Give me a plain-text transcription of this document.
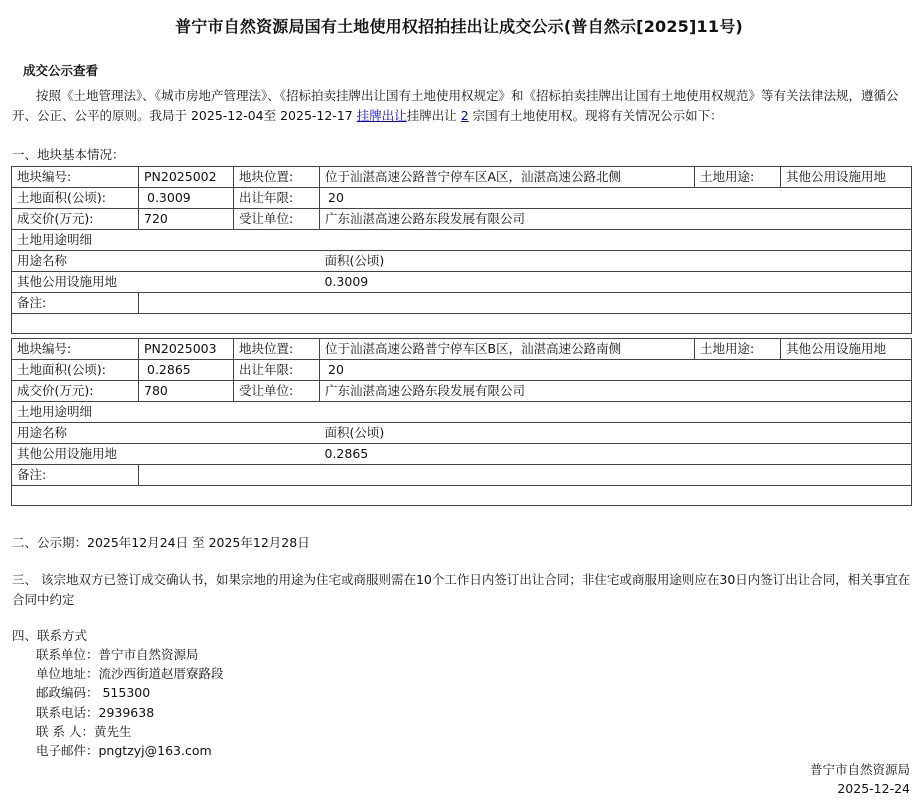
普宁市自然资源局国有土地使用权招拍挂出让成交公示(普自然示[2025]11号)
成交公示查看
按照《土地管理法》、《城市房地产管理法》、《招标拍卖挂牌出让国有土地使用权规定》和《招标拍卖挂牌出让国有土地使用权规范》等有关法律法规，遵循公开、公正、公平的原则。我局于 2025-12-04至 2025-12-17 挂牌出让挂牌出让 2 宗国有土地使用权。现将有关情况公示如下：
一、地块基本情况：
地块编号:	PN2025002	地块位置:	位于汕湛高速公路普宁停车区A区，汕湛高速公路北侧	土地用途:	其他公用设施用地
土地面积(公顷):	0.3009	出让年限:	20		
成交价(万元):	720	受让单位:	广东汕湛高速公路东段发展有限公司		
土地用途明细					
用途名称			面积(公顷)		
其他公用设施用地			0.3009		
备注:					

地块编号:	PN2025003	地块位置:	位于汕湛高速公路普宁停车区B区，汕湛高速公路南侧	土地用途:	其他公用设施用地
土地面积(公顷):	0.2865	出让年限:	20		
成交价(万元):	780	受让单位:	广东汕湛高速公路东段发展有限公司		
土地用途明细					
用途名称			面积(公顷)		
其他公用设施用地			0.2865		
备注:					

二、公示期：2025年12月24日 至 2025年12月28日
三、 该宗地双方已签订成交确认书，如果宗地的用途为住宅或商服则需在10个工作日内签订出让合同；非住宅或商服用途则应在30日内签订出让合同，相关事宜在合同中约定
四、联系方式
联系单位：普宁市自然资源局
单位地址：流沙西街道赵厝寮路段
邮政编码： 515300
联系电话：2939638
联 系 人：黄先生
电子邮件：pngtzyj@163.com
普宁市自然资源局
2025-12-24
